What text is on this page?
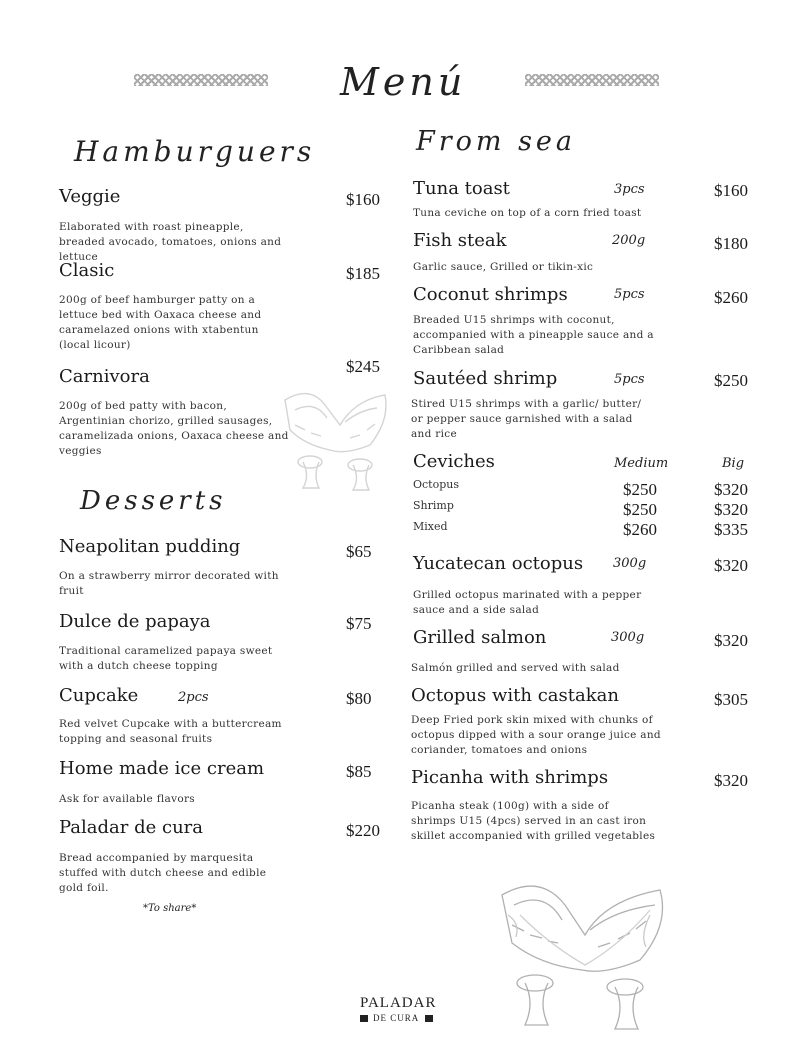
Menú
Hamburguers
Veggie	$160
Elaborated with roast pineapple, breaded avocado, tomatoes, onions and lettuce
Clasic	$185
200g of beef hamburger patty on a lettuce bed with Oaxaca cheese and caramelazed onions with xtabentun (local licour)
Carnivora	$245
200g of bed patty with bacon, Argentinian chorizo, grilled sausages, caramelizada onions, Oaxaca cheese and veggies
Desserts
Neapolitan pudding	$65
On a strawberry mirror decorated with fruit
Dulce de papaya	$75
Traditional caramelized papaya sweet with a dutch cheese topping
Cupcake	2pcs	$80
Red velvet Cupcake with a buttercream topping and seasonal fruits
Home made ice cream	$85
Ask for available flavors
Paladar de cura	$220
Bread accompanied by marquesita stuffed with dutch cheese and edible gold foil.
*To share*
From sea
Tuna toast	3pcs	$160
Tuna ceviche on top of a corn fried toast
Fish steak	200g	$180
Garlic sauce, Grilled or tikin-xic
Coconut shrimps	5pcs	$260
Breaded U15 shrimps with coconut, accompanied with a pineapple sauce and a Caribbean salad
Sautéed shrimp	5pcs	$250
Stired U15 shrimps with a garlic/ butter/ or pepper sauce garnished with a salad and rice
Ceviches	Medium	Big
Octopus	$250	$320
Shrimp	$250	$320
Mixed	$260	$335
Yucatecan octopus 300g	$320
Grilled octopus marinated with a pepper sauce and a side salad
Grilled salmon	300g	$320
Salmón grilled and served with salad
Octopus with castakan	$305
Deep Fried pork skin mixed with chunks of octopus dipped with a sour orange juice and coriander, tomatoes and onions
Picanha with shrimps	$320
Picanha steak (100g) with a side of shrimps U15 (4pcs) served in an cast iron skillet accompanied with grilled vegetables
PALADAR
DE CURA
